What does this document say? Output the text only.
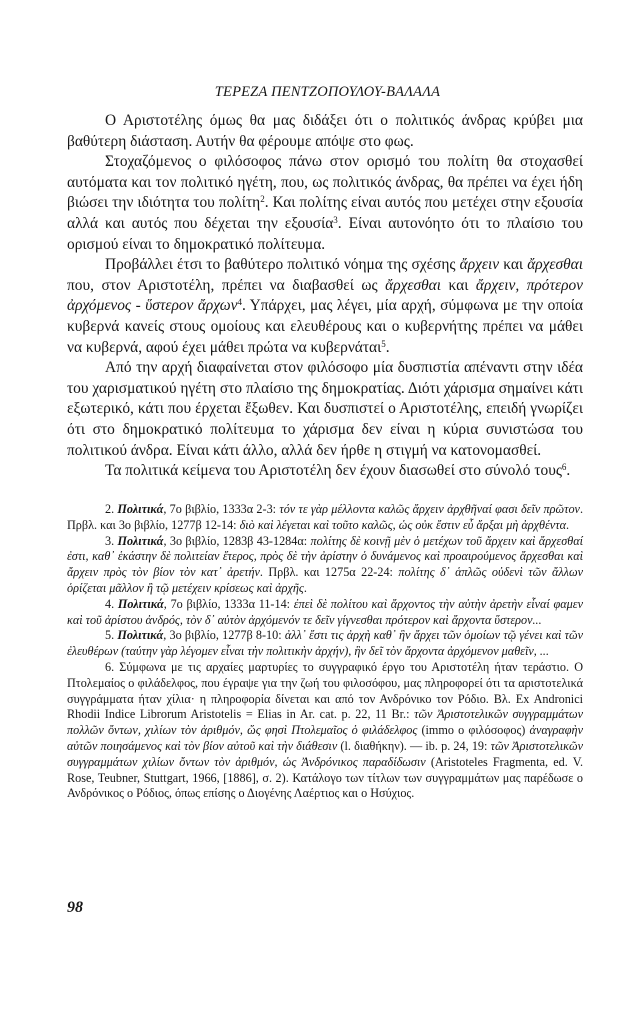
ΤΕΡΕΖΑ ΠΕΝΤΖΟΠΟΥΛΟΥ-ΒΑΛΑΛΑ

Ο Αριστοτέλης όμως θα μας διδάξει ότι ο πολιτικός άνδρας κρύβει μια βαθύτερη διάσταση. Αυτήν θα φέρουμε απόψε στο φως.

Στοχαζόμενος ο φιλόσοφος πάνω στον ορισμό του πολίτη θα στοχασθεί αυτόματα και τον πολιτικό ηγέτη, που, ως πολιτικός άνδρας, θα πρέπει να έχει ήδη βιώσει την ιδιότητα του πολίτη$^2$. Και πολίτης είναι αυτός που μετέχει στην εξουσία αλλά και αυτός που δέχεται την εξουσία$^3$. Είναι αυτονόητο ότι το πλαίσιο του ορισμού είναι το δημοκρατικό πολίτευμα.

Προβάλλει έτσι το βαθύτερο πολιτικό νόημα της σχέσης ἄρχειν και ἄρχεσθαι που, στον Αριστοτέλη, πρέπει να διαβασθεί ως ἄρχεσθαι και ἄρχειν, πρότερον ἀρχόμενος - ὕστερον ἄρχων$^4$. Υπάρχει, μας λέγει, μία αρχή, σύμφωνα με την οποία κυβερνά κανείς στους ομοίους και ελευθέρους και ο κυβερνήτης πρέπει να μάθει να κυβερνά, αφού έχει μάθει πρώτα να κυβερνάται$^5$.

Από την αρχή διαφαίνεται στον φιλόσοφο μία δυσπιστία απέναντι στην ιδέα του χαρισματικού ηγέτη στο πλαίσιο της δημοκρατίας. Διότι χάρισμα σημαίνει κάτι εξωτερικό, κάτι που έρχεται ἔξωθεν. Και δυσπιστεί ο Αριστοτέλης, επειδή γνωρίζει ότι στο δημοκρατικό πολίτευμα το χάρισμα δεν είναι η κύρια συνιστώσα του πολιτικού άνδρα. Είναι κάτι άλλο, αλλά δεν ήρθε η στιγμή να κατονομασθεί.

Τα πολιτικά κείμενα του Αριστοτέλη δεν έχουν διασωθεί στο σύνολό τους$^6$.

2. Πολιτικά, 7ο βιβλίο, 1333α 2-3: τόν τε γὰρ μέλλοντα καλῶς ἄρχειν ἀρχθῆναί φασι δεῖν πρῶτον. Πρβλ. και 3ο βιβλίο, 1277β 12-14: διὸ καὶ λέγεται καὶ τοῦτο καλῶς, ὡς οὐκ ἔστιν εὖ ἄρξαι μὴ ἀρχθέντα.

3. Πολιτικά, 3ο βιβλίο, 1283β 43-1284α: πολίτης δὲ κοινῇ μὲν ὁ μετέχων τοῦ ἄρχειν καὶ ἄρχεσθαί ἐστι, καθ᾽ ἑκάστην δὲ πολιτείαν ἕτερος, πρὸς δὲ τὴν ἀρίστην ὁ δυνάμενος καὶ προαιρούμενος ἄρχεσθαι καὶ ἄρχειν πρὸς τὸν βίον τὸν κατ᾽ ἀρετήν. Πρβλ. και 1275α 22-24: πολίτης δ᾽ ἁπλῶς οὐδενὶ τῶν ἄλλων ὁρίζεται μᾶλλον ἢ τῷ μετέχειν κρίσεως καὶ ἀρχῆς.

4. Πολιτικά, 7ο βιβλίο, 1333α 11-14: ἐπεὶ δὲ πολίτου καὶ ἄρχοντος τὴν αὐτὴν ἀρετὴν εἶναί φαμεν καὶ τοῦ ἀρίστου ἀνδρός, τὸν δ᾽ αὐτὸν ἀρχόμενόν τε δεῖν γίγνεσθαι πρότερον καὶ ἄρχοντα ὕστερον...

5. Πολιτικά, 3ο βιβλίο, 1277β 8-10: ἀλλ᾽ ἔστι τις ἀρχὴ καθ᾽ ἣν ἄρχει τῶν ὁμοίων τῷ γένει καὶ τῶν ἐλευθέρων (ταύτην γὰρ λέγομεν εἶναι τὴν πολιτικὴν ἀρχήν), ἣν δεῖ τὸν ἄρχοντα ἀρχόμενον μαθεῖν, ...

6. Σύμφωνα με τις αρχαίες μαρτυρίες το συγγραφικό έργο του Αριστοτέλη ήταν τεράστιο. Ο Πτολεμαίος ο φιλάδελφος, που έγραψε για την ζωή του φιλοσόφου, μας πληροφορεί ότι τα αριστοτελικά συγγράμματα ήταν χίλια· η πληροφορία δίνεται και από τον Ανδρόνικο τον Ρόδιο. Βλ. Ex Andronici Rhodii Indice Librorum Aristotelis = Elias in Ar. cat. p. 22, 11 Br.: τῶν Ἀριστοτελικῶν συγγραμμάτων πολλῶν ὄντων, χιλίων τὸν ἀριθμόν, ὥς φησὶ Πτολεμαῖος ὁ φιλάδελφος (immo ο φιλόσοφος) ἀναγραφὴν αὐτῶν ποιησάμενος καὶ τὸν βίον αὐτοῦ καὶ τὴν διάθεσιν (l. διαθήκην). — ib. p. 24, 19: τῶν Ἀριστοτελικῶν συγγραμμάτων χιλίων ὄντων τὸν ἀριθμόν, ὡς Ἀνδρόνικος παραδίδωσιν (Aristoteles Fragmenta, ed. V. Rose, Teubner, Stuttgart, 1966, [1886], σ. 2). Κατάλογο των τίτλων των συγγραμμάτων μας παρέδωσε ο Ανδρόνικος ο Ρόδιος, όπως επίσης ο Διογένης Λαέρτιος και ο Ησύχιος.

98
